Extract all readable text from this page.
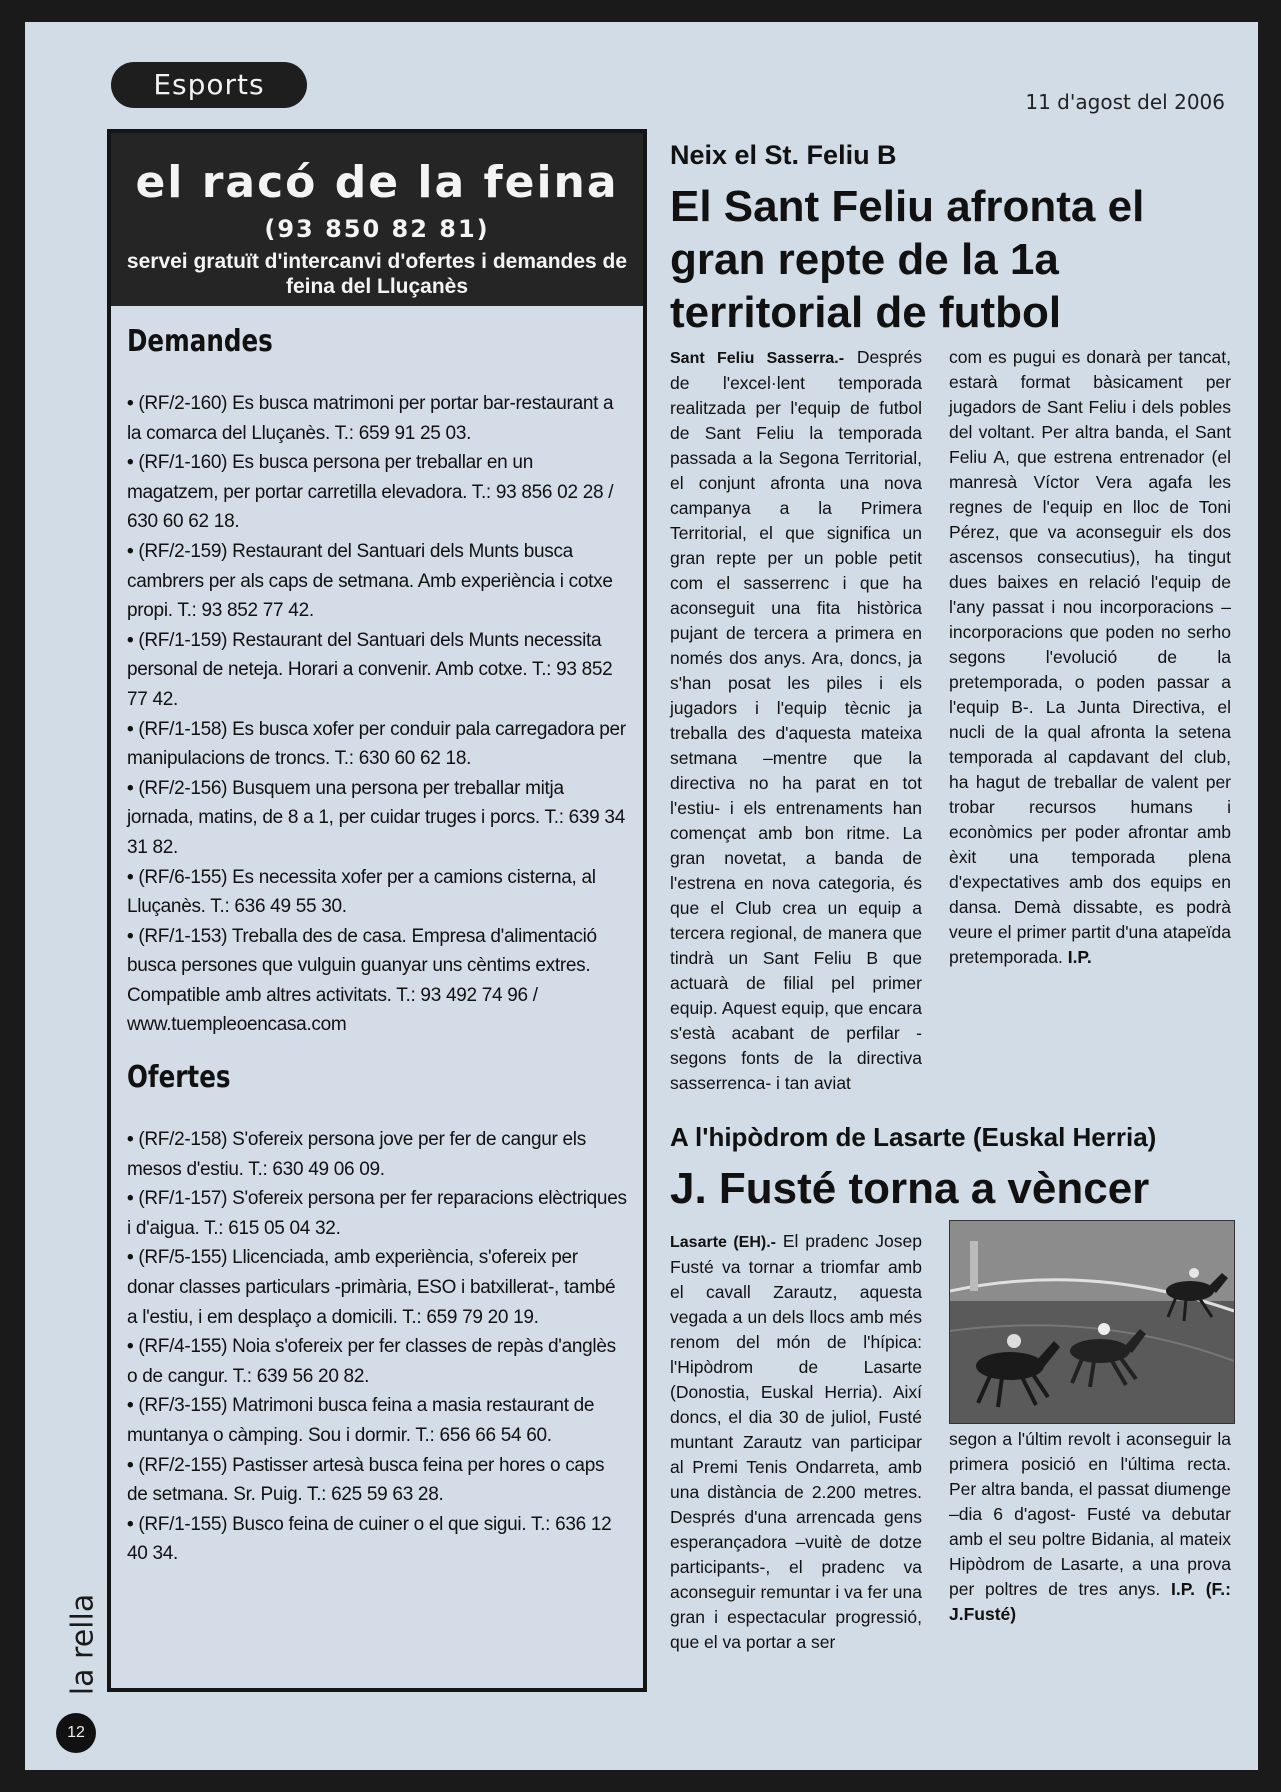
Esports
11 d'agost del 2006
el racó de la feina
(93 850 82 81)
servei gratuït d'intercanvi d'ofertes i demandes de feina del Lluçanès
Demandes
• (RF/2-160) Es busca matrimoni per portar bar-restaurant a la comarca del Lluçanès. T.: 659 91 25 03.
• (RF/1-160) Es busca persona per treballar en un magatzem, per portar carretilla elevadora. T.: 93 856 02 28 / 630 60 62 18.
• (RF/2-159) Restaurant del Santuari dels Munts busca cambrers per als caps de setmana. Amb experiència i cotxe propi. T.: 93 852 77 42.
• (RF/1-159) Restaurant del Santuari dels Munts necessita personal de neteja. Horari a convenir. Amb cotxe. T.: 93 852 77 42.
• (RF/1-158) Es busca xofer per conduir pala carregadora per manipulacions de troncs. T.: 630 60 62 18.
• (RF/2-156) Busquem una persona per treballar mitja jornada, matins, de 8 a 1, per cuidar truges i porcs. T.: 639 34 31 82.
• (RF/6-155) Es necessita xofer per a camions cisterna, al Lluçanès. T.: 636 49 55 30.
• (RF/1-153) Treballa des de casa. Empresa d'alimentació busca persones que vulguin guanyar uns cèntims extres. Compatible amb altres activitats. T.: 93 492 74 96 / www.tuempleoencasa.com
Ofertes
• (RF/2-158) S'ofereix persona jove per fer de cangur els mesos d'estiu. T.: 630 49 06 09.
• (RF/1-157) S'ofereix persona per fer reparacions elèctriques i d'aigua. T.: 615 05 04 32.
• (RF/5-155) Llicenciada, amb experiència, s'ofereix per donar classes particulars -primària, ESO i batxillerat-, també a l'estiu, i em desplaço a domicili. T.: 659 79 20 19.
• (RF/4-155) Noia s'ofereix per fer classes de repàs d'anglès o de cangur. T.: 639 56 20 82.
• (RF/3-155) Matrimoni busca feina a masia restaurant de muntanya o càmping. Sou i dormir. T.: 656 66 54 60.
• (RF/2-155) Pastisser artesà busca feina per hores o caps de setmana. Sr. Puig. T.: 625 59 63 28.
• (RF/1-155) Busco feina de cuiner o el que sigui. T.: 636 12 40 34.
Neix el St. Feliu B
El Sant Feliu afronta el gran repte de la 1a territorial de futbol
Sant Feliu Sasserra.- Després de l'excel·lent temporada realitzada per l'equip de futbol de Sant Feliu la temporada passada a la Segona Territorial, el conjunt afronta una nova campanya a la Primera Territorial, el que significa un gran repte per un poble petit com el sasserrenc i que ha aconseguit una fita històrica pujant de tercera a primera en només dos anys. Ara, doncs, ja s'han posat les piles i els jugadors i l'equip tècnic ja treballa des d'aquesta mateixa setmana –mentre que la directiva no ha parat en tot l'estiu- i els entrenaments han començat amb bon ritme. La gran novetat, a banda de l'estrena en nova categoria, és que el Club crea un equip a tercera regional, de manera que tindrà un Sant Feliu B que actuarà de filial pel primer equip. Aquest equip, que encara s'està acabant de perfilar -segons fonts de la directiva sasserrenca- i tan aviat
com es pugui es donarà per tancat, estarà format bàsicament per jugadors de Sant Feliu i dels pobles del voltant. Per altra banda, el Sant Feliu A, que estrena entrenador (el manresà Víctor Vera agafa les regnes de l'equip en lloc de Toni Pérez, que va aconseguir els dos ascensos consecutius), ha tingut dues baixes en relació l'equip de l'any passat i nou incorporacions –incorporacions que poden no serho segons l'evolució de la pretemporada, o poden passar a l'equip B-. La Junta Directiva, el nucli de la qual afronta la setena temporada al capdavant del club, ha hagut de treballar de valent per trobar recursos humans i econòmics per poder afrontar amb èxit una temporada plena d'expectatives amb dos equips en dansa. Demà dissabte, es podrà veure el primer partit d'una atapeïda pretemporada. I.P.
A l'hipòdrom de Lasarte (Euskal Herria)
J. Fusté torna a vèncer
Lasarte (EH).- El pradenc Josep Fusté va tornar a triomfar amb el cavall Zarautz, aquesta vegada a un dels llocs amb més renom del món de l'hípica: l'Hipòdrom de Lasarte (Donostia, Euskal Herria). Així doncs, el dia 30 de juliol, Fusté muntant Zarautz van participar al Premi Tenis Ondarreta, amb una distància de 2.200 metres. Després d'una arrencada gens esperançadora –vuitè de dotze participants-, el pradenc va aconseguir remuntar i va fer una gran i espectacular progressió, que el va portar a ser
segon a l'últim revolt i aconseguir la primera posició en l'última recta. Per altra banda, el passat diumenge –dia 6 d'agost- Fusté va debutar amb el seu poltre Bidania, al mateix Hipòdrom de Lasarte, a una prova per poltres de tres anys. I.P. (F.: J.Fusté)
la rella
12
